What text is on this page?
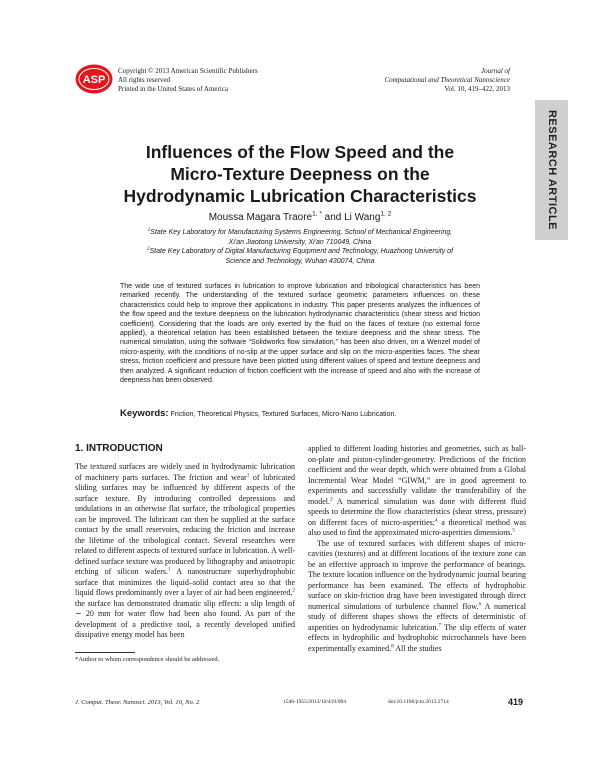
ASP
Copyright © 2013 American Scientific Publishers
All rights reserved
Printed in the United States of America
Journal of
Computational and Theoretical Nanoscience
Vol. 10, 419–422, 2013
RESEARCH ARTICLE
Influences of the Flow Speed and the
Micro-Texture Deepness on the
Hydrodynamic Lubrication Characteristics
Moussa Magara Traore$^{1, *}$ and Li Wang$^{1, 2}$
$^1$State Key Laboratory for Manufacturing Systems Engineering, School of Mechanical Engineering,
Xi'an Jiaotong University, Xi'an 710049, China
$^2$State Key Laboratory of Digital Manufacturing Equipment and Technology, Huazhong University of
Science and Technology, Wuhan 430074, China
The wide use of textured surfaces in lubrication to improve lubrication and tribological characteristics has been remarked recently. The understanding of the textured surface geometric parameters influences on these characteristics could help to improve their applications in industry. This paper presents analyzes the influences of the flow speed and the texture deepness on the lubrication hydrodynamic characteristics (shear stress and friction coefficient). Considering that the loads are only exerted by the fluid on the faces of texture (no external force applied), a theoretical relation has been established between the texture deepness and the shear stress. The numerical simulation, using the software “Solidworks flow simulation,” has been also driven, on a Wenzel model of micro-asperity, with the conditions of no-slip at the upper surface and slip on the micro-asperities faces. The shear stress, friction coefficient and pressure have been plotted using different values of speed and texture deepness and then analyzed. A significant reduction of friction coefficient with the increase of speed and also with the increase of deepness has been observed.
Keywords: Friction, Theoretical Physics, Textured Surfaces, Micro-Nano Lubrication.
1. INTRODUCTION

The textured surfaces are widely used in hydrodynamic lubrication of machinery parts surfaces. The friction and wear$^1$ of lubricated sliding surfaces may be influenced by different aspects of the surface texture. By introducing controlled depressions and undulations in an otherwise flat surface, the tribological properties can be improved. The lubricant can then be supplied at the surface contact by the small reservoirs, reducing the friction and increase the lifetime of the tribological contact. Several researches were related to different aspects of textured surface in lubrication. A well-defined surface texture was produced by lithography and anisotropic etching of silicon wafers.$^1$ A nanostructure superhydrophobic surface that minimizes the liquid–solid contact area so that the liquid flows predominantly over a layer of air had been engineered,$^2$ the surface has demonstrated dramatic slip effects: a slip length of ∼ 20 mm for water flow had been also found. As part of the development of a predictive tool, a recently developed unified dissipative energy model has been

applied to different loading histories and geometries, such as ball-on-plate and piston-cylinder-geometry. Predictions of the friction coefficient and the wear depth, which were obtained from a Global Incremental Wear Model “GIWM,” are in good agreement to experiments and successfully validate the transferability of the model.$^3$ A numerical simulation was done with different fluid speeds to determine the flow characteristics (shear stress, pressure) on different faces of micro-asperities;$^4$ a theoretical method was also used to find the approximated micro-asperities dimensions.$^5$

The use of textured surfaces with different shapes of micro-cavities (textures) and at different locations of the texture zone can be an effective approach to improve the performance of bearings. The texture location influence on the hydrodynamic journal bearing performance has been examined. The effects of hydrophobic surface on skin-friction drag have been investigated through direct numerical simulations of turbulence channel flow.$^6$ A numerical study of different shapes shows the effects of deterministic of asperities on hydrodynamic lubrication.$^7$ The slip effects of water effects in hydrophilic and hydrophobic microchannels have been experimentally examined.$^8$ All the studies

*Author to whom correspondence should be addressed.
J. Comput. Theor. Nanosci. 2013, Vol. 10, No. 2	1546-1955/2013/10/419/004	doi:10.1166/jctn.2013.2714	419
